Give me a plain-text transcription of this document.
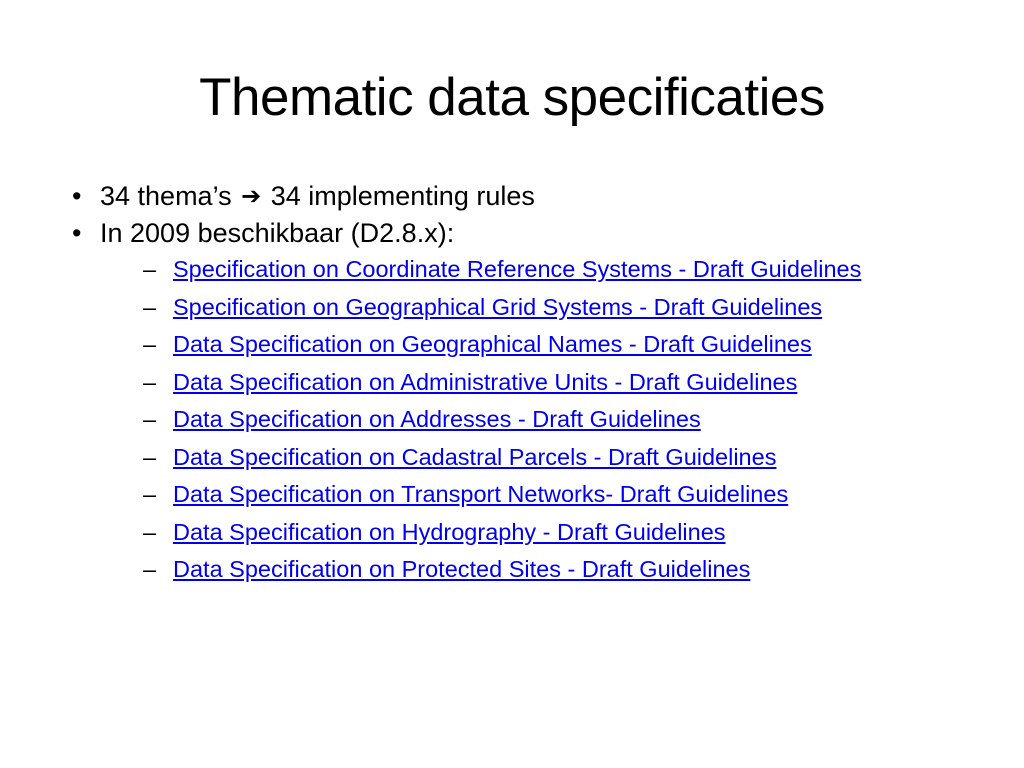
Thematic data specificaties
• 34 thema’s ➔ 34 implementing rules
• In 2009 beschikbaar (D2.8.x):
– Specification on Coordinate Reference Systems - Draft Guidelines
– Specification on Geographical Grid Systems - Draft Guidelines
– Data Specification on Geographical Names - Draft Guidelines
– Data Specification on Administrative Units - Draft Guidelines
– Data Specification on Addresses - Draft Guidelines
– Data Specification on Cadastral Parcels - Draft Guidelines
– Data Specification on Transport Networks- Draft Guidelines
– Data Specification on Hydrography - Draft Guidelines
– Data Specification on Protected Sites - Draft Guidelines
